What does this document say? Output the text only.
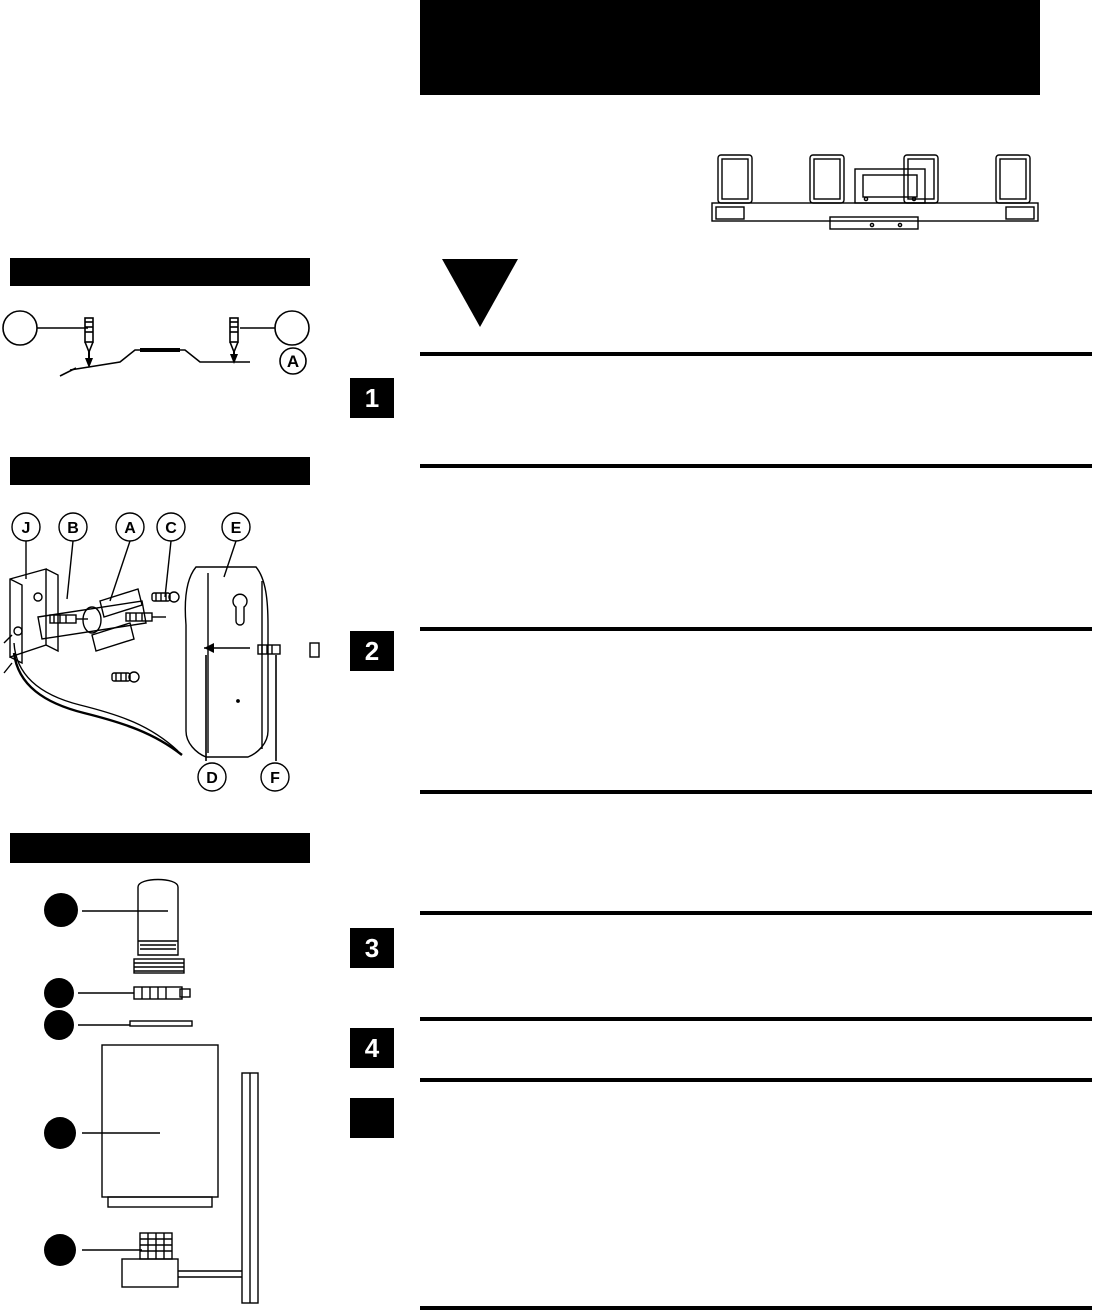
1
2
3
4
A
J B	A C	E
D	F
